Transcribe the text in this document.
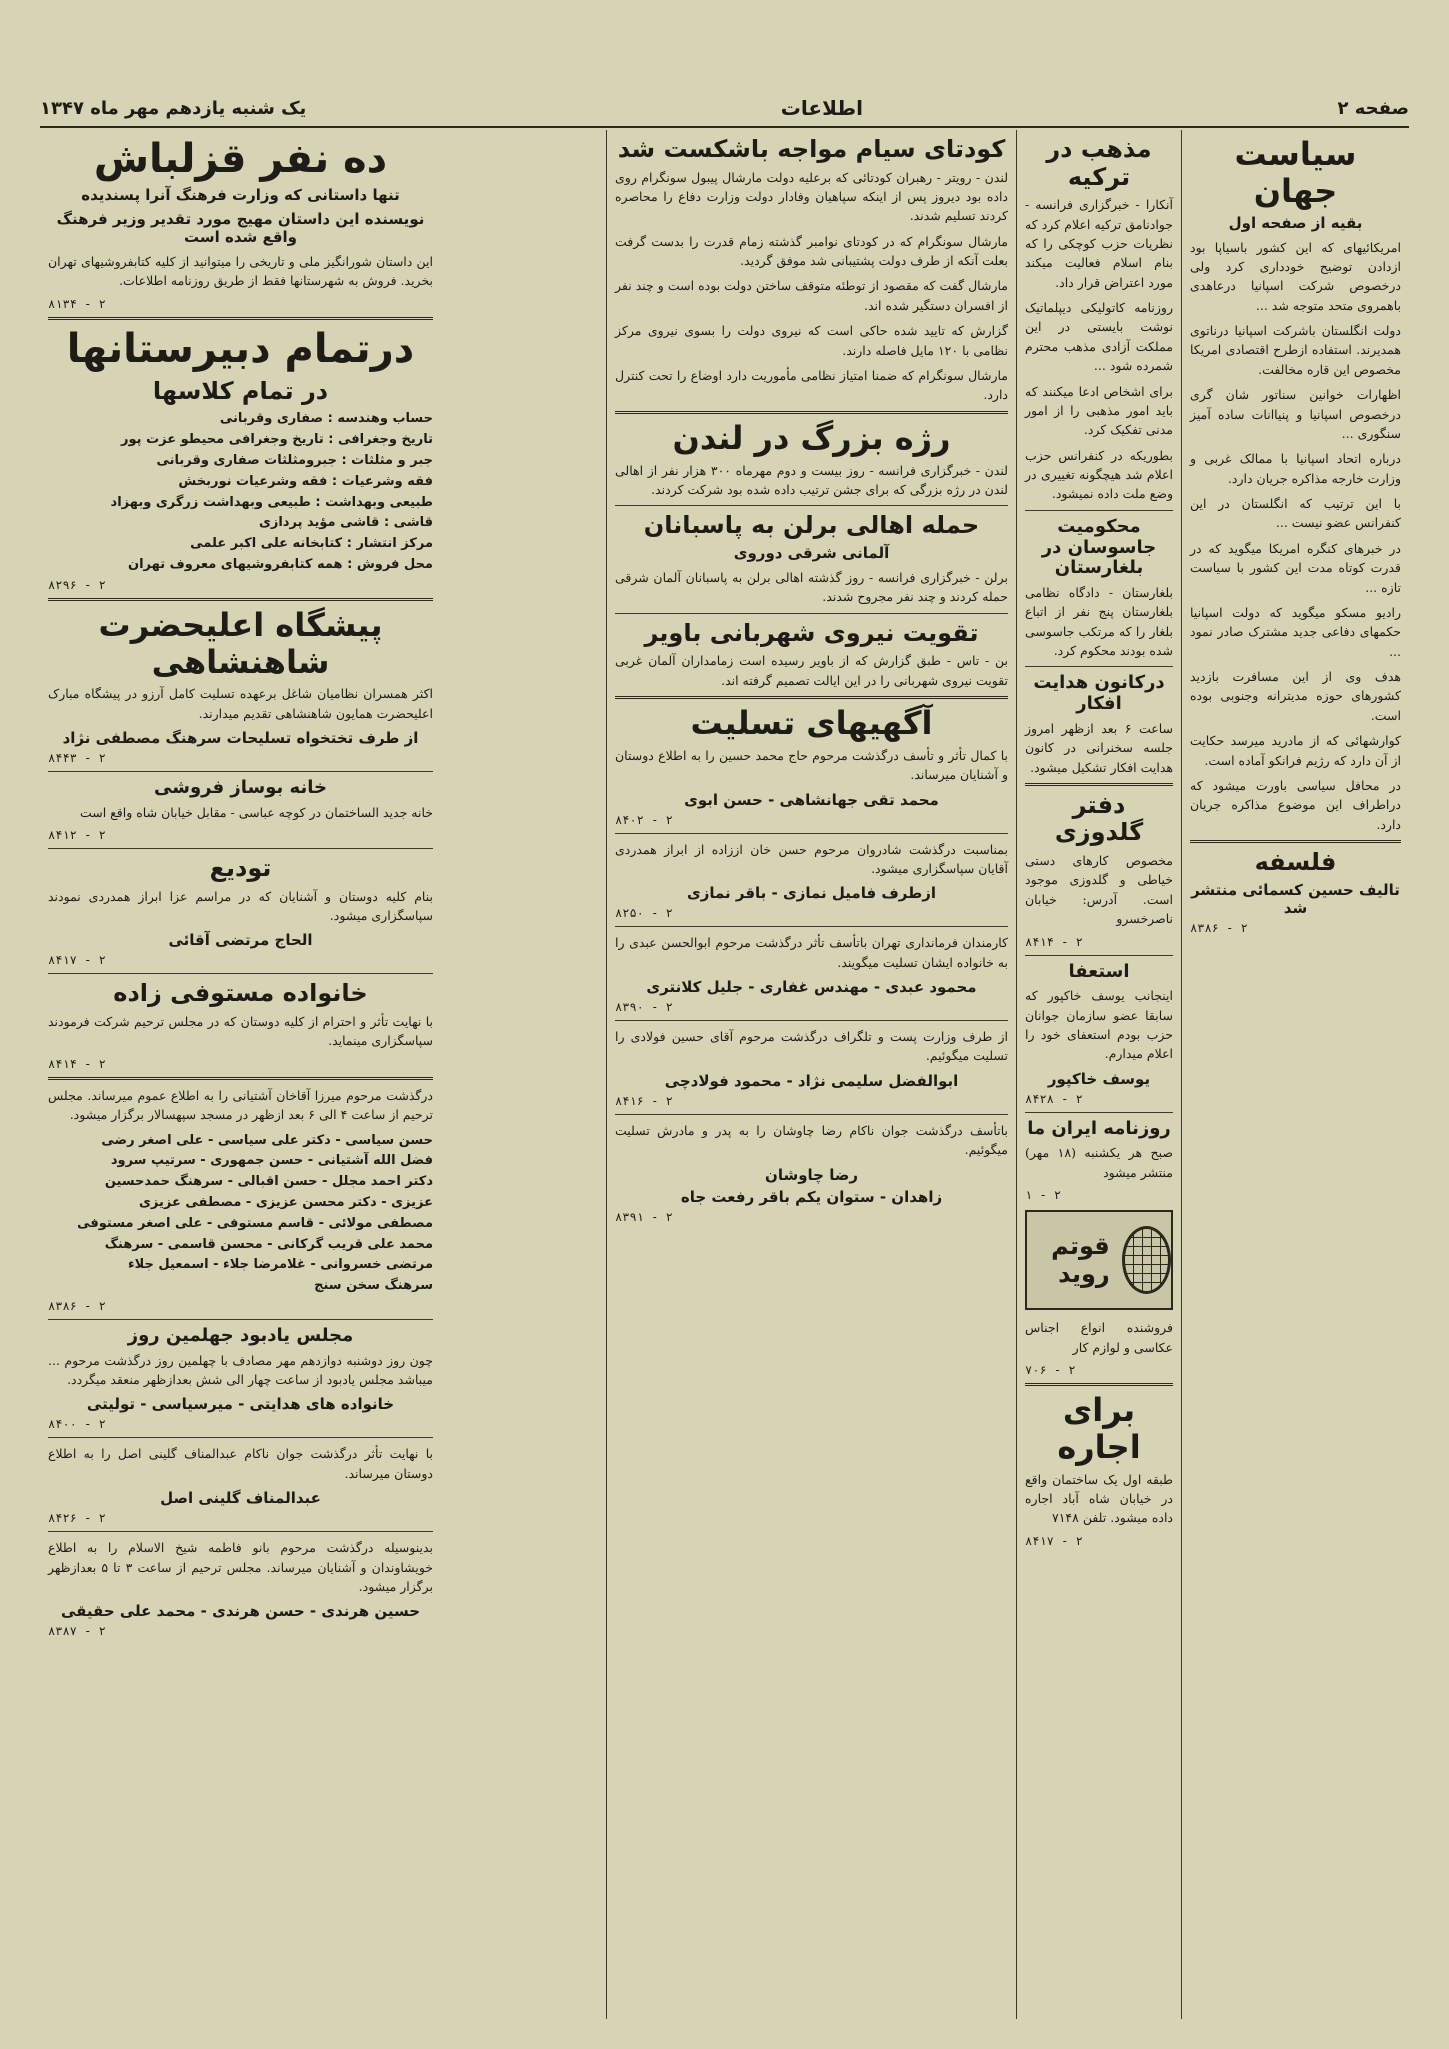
صفحه ۲
اطلاعات
یک شنبه یازدهم مهر ماه ۱۳۴۷
سیاست جهان
بقیه از صفحه اول

امریکائیهای که این کشور باسیاپا بود ازدادن توضیح خودداری کرد ولی درخصوص شرکت اسپانیا درعاهدی باهمروی متحد متوجه شد ...

دولت انگلستان باشرکت اسپانیا درناتوی همدیرند. استفاده ازطرح اقتصادی امریکا مخصوص این قاره مخالفت.

اظهارات خوانین سناتور شان گری درخصوص اسپانیا و پنیاانات ساده آمیز سنگوری ...

درباره اتحاد اسپانیا با ممالک غربی و وزارت خارجه مذاکره جریان دارد.

با این ترتیب که انگلستان در این کنفرانس عضو نیست ...

در خبرهای کنگره امریکا میگوید که در قدرت کوتاه مدت این کشور با سیاست تازه ...

رادیو مسکو میگوید که دولت اسپانیا حکمهای دفاعی جدید مشترک صادر نمود ...

هدف وی از این مسافرت بازدید کشورهای حوزه مدیترانه وجنوبی بوده است.

کوارشهائی که از مادرید میرسد حکایت از آن دارد که رژیم فرانکو آماده است.

در محافل سیاسی باورت میشود که دراطراف این موضوع مذاکره جریان دارد.

فلسفه
تالیف حسین کسمائی منتشر شد
۸۳۸۶ - ۲
مذهب در ترکیه

آنکارا - خبرگزاری فرانسه - جوادنامق ترکیه اعلام کرد که نظریات حزب کوچکی را که بنام اسلام فعالیت میکند مورد اعتراض قرار داد.

روزنامه کاتولیکی دیپلماتیک نوشت بایستی در این مملکت آزادی مذهب محترم شمرده شود ...

برای اشخاص ادعا میکنند که باید امور مذهبی را از امور مدنی تفکیک کرد.

بطوریکه در کنفرانس حزب اعلام شد هیچگونه تغییری در وضع ملت داده نمیشود.

محکومیت جاسوسان در بلغارستان

بلغارستان - دادگاه نظامی بلغارستان پنج نفر از اتباع بلغار را که مرتکب جاسوسی شده بودند محکوم کرد.

درکانون هدایت افکار

ساعت ۶ بعد ازظهر امروز جلسه سخنرانی در کانون هدایت افکار تشکیل میشود.

دفتر گلدوزی

مخصوص کارهای دستی خیاطی و گلدوزی موجود است. آدرس: خیابان ناصرخسرو

۸۴۱۴ - ۲
استعفا

اینجانب یوسف خاکپور که سابقا عضو سازمان جوانان حزب بودم استعفای خود را اعلام میدارم.

یوسف خاکپور
۸۴۲۸ - ۲
روزنامه ایران ما

صبح هر یکشنبه (۱۸ مهر) منتشر میشود

۱ - ۲
قوتم رويد

فروشنده انواع اجناس عکاسی و لوازم کار

۷۰۶ - ۲
برای اجاره

طبقه اول یک ساختمان واقع در خیابان شاه آباد اجاره داده میشود. تلفن ۷۱۴۸

۸۴۱۷ - ۲
کودتای سیام مواجه باشکست شد

لندن - رویتر - رهبران کودتائی که برعلیه دولت مارشال پیبول سونگرام روی داده بود دیروز پس از اینکه سپاهیان وفادار دولت وزارت دفاع را محاصره کردند تسلیم شدند.

مارشال سونگرام که در کودتای نوامبر گذشته زمام قدرت را بدست گرفت بعلت آنکه از طرف دولت پشتیبانی شد موفق گردید.

مارشال گفت که مقصود از توطئه متوقف ساختن دولت بوده است و چند نفر از افسران دستگیر شده اند.

گزارش که تایید شده حاکی است که نیروی دولت را بسوی نیروی مرکز نظامی با ۱۲۰ مایل فاصله دارند.

مارشال سونگرام که ضمنا امتیاز نظامی مأموریت دارد اوضاع را تحت کنترل دارد.

رژه بزرگ در لندن

لندن - خبرگزاری فرانسه - روز بیست و دوم مهرماه ۳۰۰ هزار نفر از اهالی لندن در رژه بزرگی که برای جشن ترتیب داده شده بود شرکت کردند.

حمله اهالی برلن به پاسبانان
آلمانی شرقی دوروی

برلن - خبرگزاری فرانسه - روز گذشته اهالی برلن به پاسبانان آلمان شرقی حمله کردند و چند نفر مجروح شدند.

تقویت نیروی شهربانی باویر

بن - تاس - طبق گزارش که از باویر رسیده است زمامداران آلمان غربی تقویت نیروی شهربانی را در این ایالت تصمیم گرفته اند.

آگهیهای تسلیت

با کمال تأثر و تأسف درگذشت مرحوم حاج محمد حسین را به اطلاع دوستان و آشنایان میرساند.

محمد تقی جهانشاهی - حسن ابوی
۸۴۰۲ - ۲

بمناسبت درگذشت شادروان مرحوم حسن خان اززاده از ابراز همدردی آقایان سپاسگزاری میشود.

ازطرف فامیل نمازی - باقر نمازی
۸۲۵۰ - ۲

کارمندان فرمانداری تهران باتأسف تأثر درگذشت مرحوم ابوالحسن عبدی را به خانواده ایشان تسلیت میگویند.

محمود عبدی - مهندس غفاری - جلیل کلانتری
۸۳۹۰ - ۲

از طرف وزارت پست و تلگراف درگذشت مرحوم آقای حسین فولادی را تسلیت میگوئیم.

ابوالفضل سلیمی نژاد - محمود فولادچی
۸۴۱۶ - ۲

باتأسف درگذشت جوان ناکام رضا چاوشان را به پدر و مادرش تسلیت میگوئیم.

رضا چاوشان
زاهدان - ستوان یکم باقر رفعت جاه
۸۳۹۱ - ۲
ده نفر قزلباش
تنها داستانی که وزارت فرهنگ آنرا پسندیده
نویسنده این داستان مهیج مورد تقدیر وزیر فرهنگ واقع شده است

این داستان شورانگیز ملی و تاریخی را میتوانید از کلیه کتابفروشیهای تهران بخرید. فروش به شهرستانها فقط از طریق روزنامه اطلاعات.

۸۱۳۴ - ۲
درتمام دبیرستانها
در تمام کلاسها

حساب وهندسه : صفاری وقربانی

تاریخ وجغرافی : تاریخ وجغرافی محیطو عزت پور

جبر و مثلثات : جبرومثلثات صفاری وقربانی

فقه وشرعیات : فقه وشرعیات نوربخش

طبیعی وبهداشت : طبیعی وبهداشت زرگری وبهزاد

قاشی : قاشی مؤید پردازی

مرکز انتشار : کتابخانه علی اکبر علمی

محل فروش : همه کتابفروشیهای معروف تهران

۸۲۹۶ - ۲
پیشگاه اعلیحضرت شاهنشاهی

اکثر همسران نظامیان شاغل برعهده تسلیت کامل آرزو در پیشگاه مبارک اعلیحضرت همایون شاهنشاهی تقدیم میدارند.

از طرف تختخواه تسلیحات سرهنگ مصطفی نژاد
۸۴۴۳ - ۲
خانه بوساز فروشی

خانه جدید الساختمان در کوچه عباسی - مقابل خیابان شاه واقع است

۸۴۱۲ - ۲
تودیع

بنام کلیه دوستان و آشنایان که در مراسم عزا ابراز همدردی نمودند سپاسگزاری میشود.

الحاج مرتضی آقائی
۸۴۱۷ - ۲
خانواده مستوفی زاده

با نهایت تأثر و احترام از کلیه دوستان که در مجلس ترحیم شرکت فرمودند سپاسگزاری مینماید.

۸۴۱۴ - ۲

درگذشت مرحوم میرزا آقاخان آشتیانی را به اطلاع عموم میرساند. مجلس ترحیم از ساعت ۴ الی ۶ بعد ازظهر در مسجد سپهسالار برگزار میشود.

حسن سیاسی - دکتر علی سیاسی - علی اصغر رضی

فضل الله آشتیانی - حسن جمهوری - سرتیپ سرود

دکتر احمد مجلل - حسن اقبالی - سرهنگ حمدحسین

عزیزی - دکتر محسن عزیزی - مصطفی عزیزی

مصطفی مولائی - قاسم مستوفی - علی اصغر مستوفی

محمد علی قریب گرکانی - محسن قاسمی - سرهنگ

مرتضی خسروانی - غلامرضا جلاء - اسمعیل جلاء

سرهنگ سخن سنج

۸۳۸۶ - ۲
مجلس یادبود جهلمین روز

چون روز دوشنبه دوازدهم مهر مصادف با چهلمین روز درگذشت مرحوم ... میباشد مجلس یادبود از ساعت چهار الی شش بعدازظهر منعقد میگردد.

خانواده های هدایتی - میرسیاسی - تولیتی
۸۴۰۰ - ۲

با نهایت تأثر درگذشت جوان ناکام عبدالمناف گلینی اصل را به اطلاع دوستان میرساند.

عبدالمناف گلینی اصل
۸۴۲۶ - ۲

بدینوسیله درگذشت مرحوم بانو فاطمه شیخ الاسلام را به اطلاع خویشاوندان و آشنایان میرساند. مجلس ترحیم از ساعت ۳ تا ۵ بعدازظهر برگزار میشود.

حسین هرندی - حسن هرندی - محمد علی حقیقی
۸۳۸۷ - ۲
